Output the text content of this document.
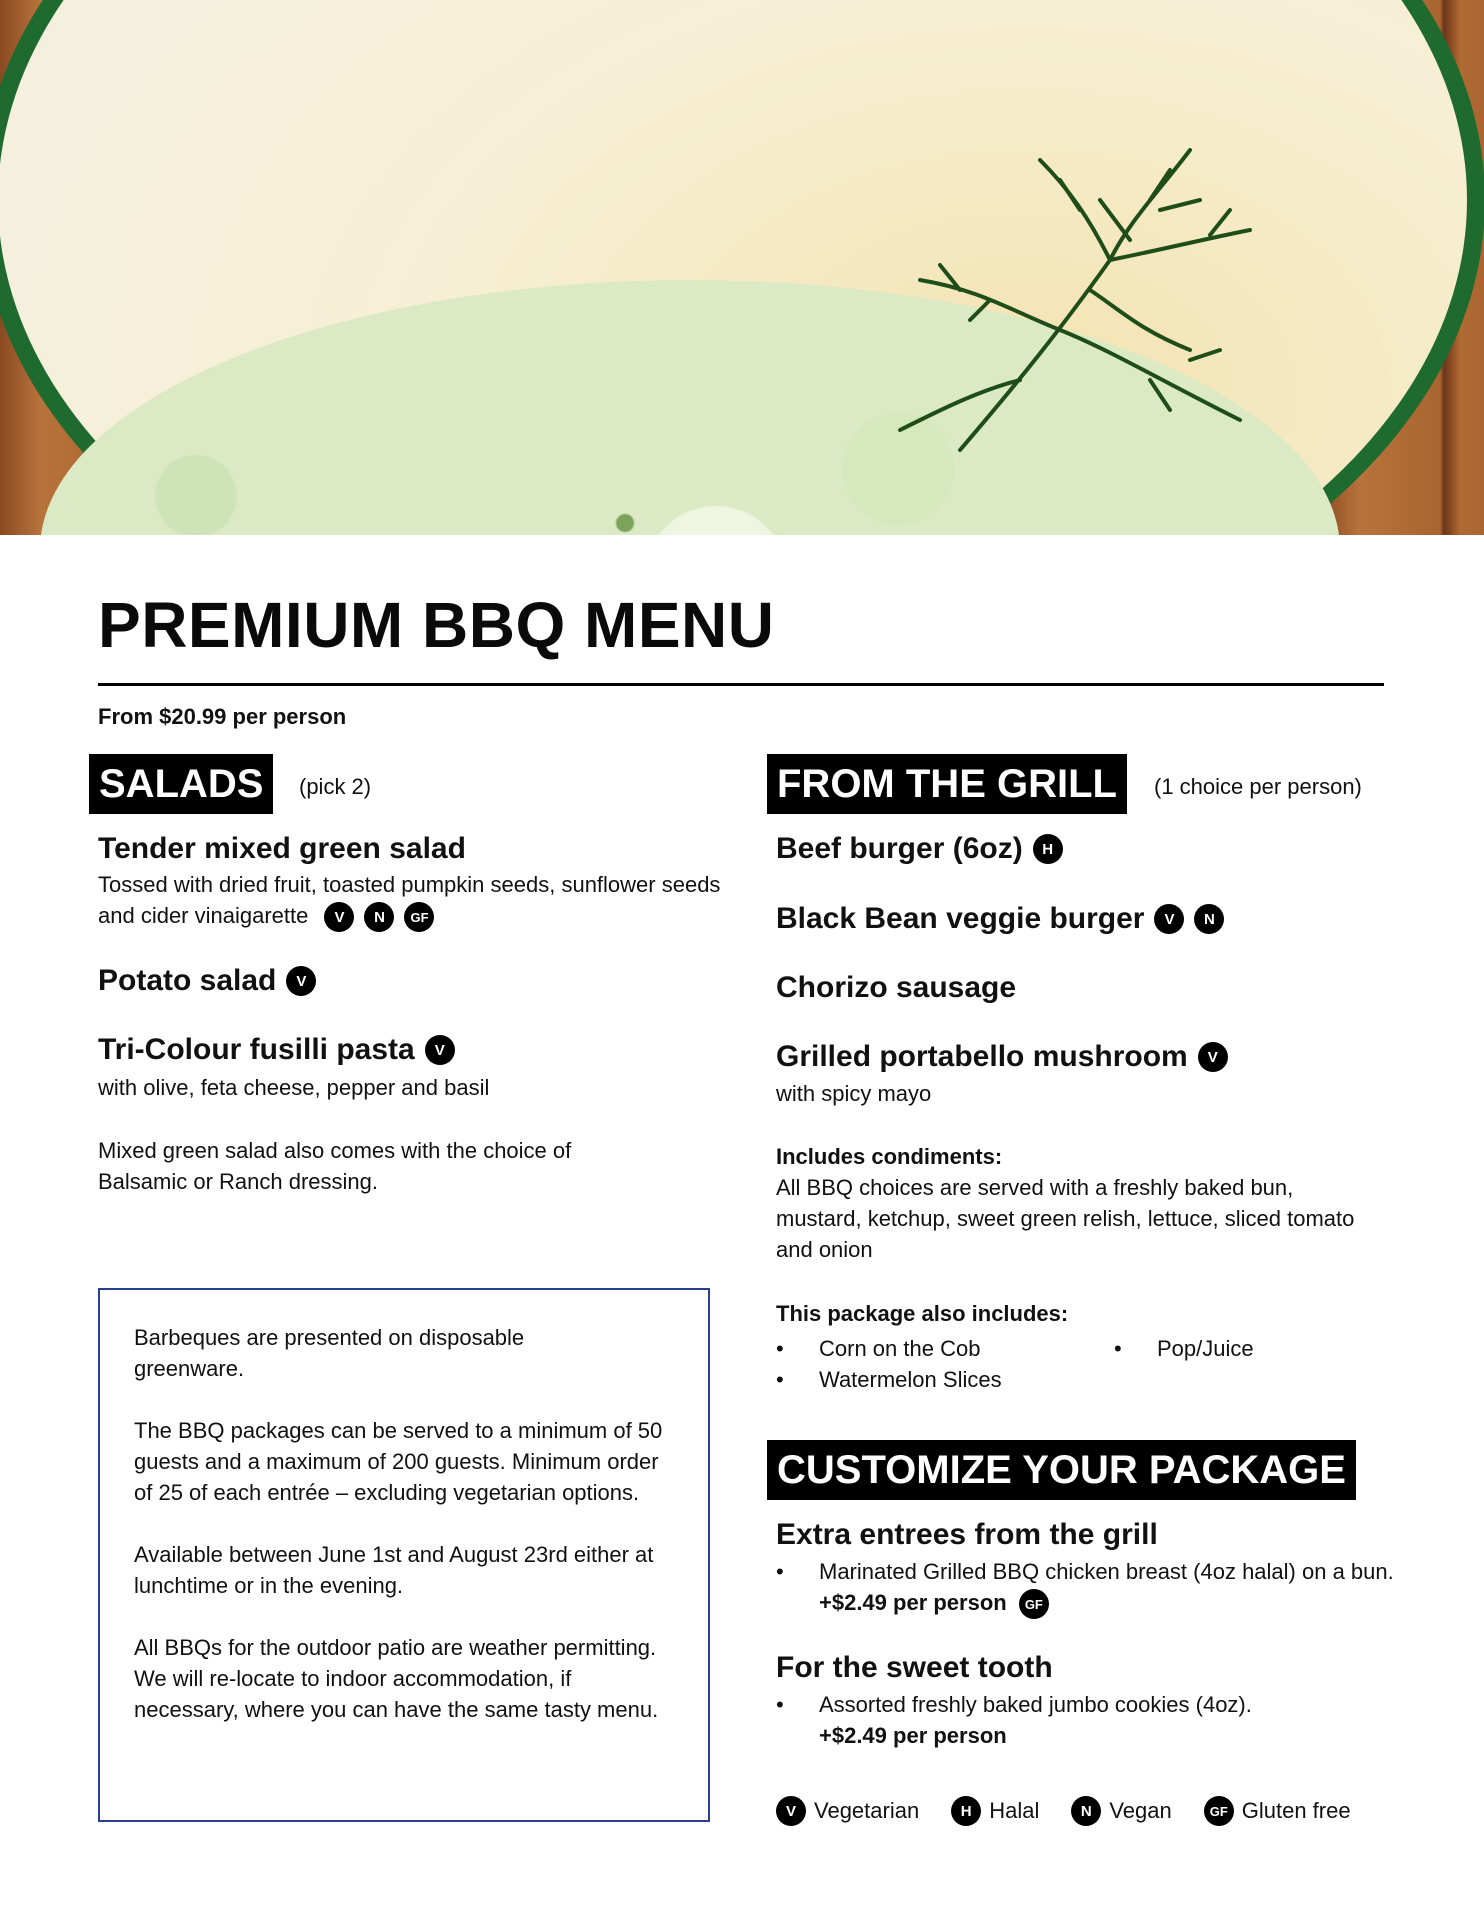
PREMIUM BBQ MENU
From $20.99 per person
SALADS	(pick 2)
Tender mixed green salad
Tossed with dried fruit, toasted pumpkin seeds, sunflower seeds and cider vinaigarette	V	N	GF
Potato salad	V
Tri-Colour fusilli pasta	V
with olive, feta cheese, pepper and basil
Mixed green salad also comes with the choice of Balsamic or Ranch dressing.

Barbeques are presented on disposable greenware.

The BBQ packages can be served to a minimum of 50 guests and a maximum of 200 guests. Minimum order of 25 of each entrée – excluding vegetarian options.

Available between June 1st and August 23rd either at lunchtime or in the evening.

All BBQs for the outdoor patio are weather permitting. We will re-locate to indoor accommodation, if necessary, where you can have the same tasty menu.

FROM THE GRILL	(1 choice per person)
Beef burger (6oz)	H
Black Bean veggie burger	V	N
Chorizo sausage
Grilled portabello mushroom	V
with spicy mayo
Includes condiments:
All BBQ choices are served with a freshly baked bun, mustard, ketchup, sweet green relish, lettuce, sliced tomato and onion
This package also includes:
• Corn on the Cob
• Watermelon Slices
• Pop/Juice
CUSTOMIZE YOUR PACKAGE
Extra entrees from the grill
• Marinated Grilled BBQ chicken breast (4oz halal) on a bun. +$2.49 per person GF
For the sweet tooth
• Assorted freshly baked jumbo cookies (4oz).
+$2.49 per person
V Vegetarian	H Halal	N Vegan	GF Gluten free
